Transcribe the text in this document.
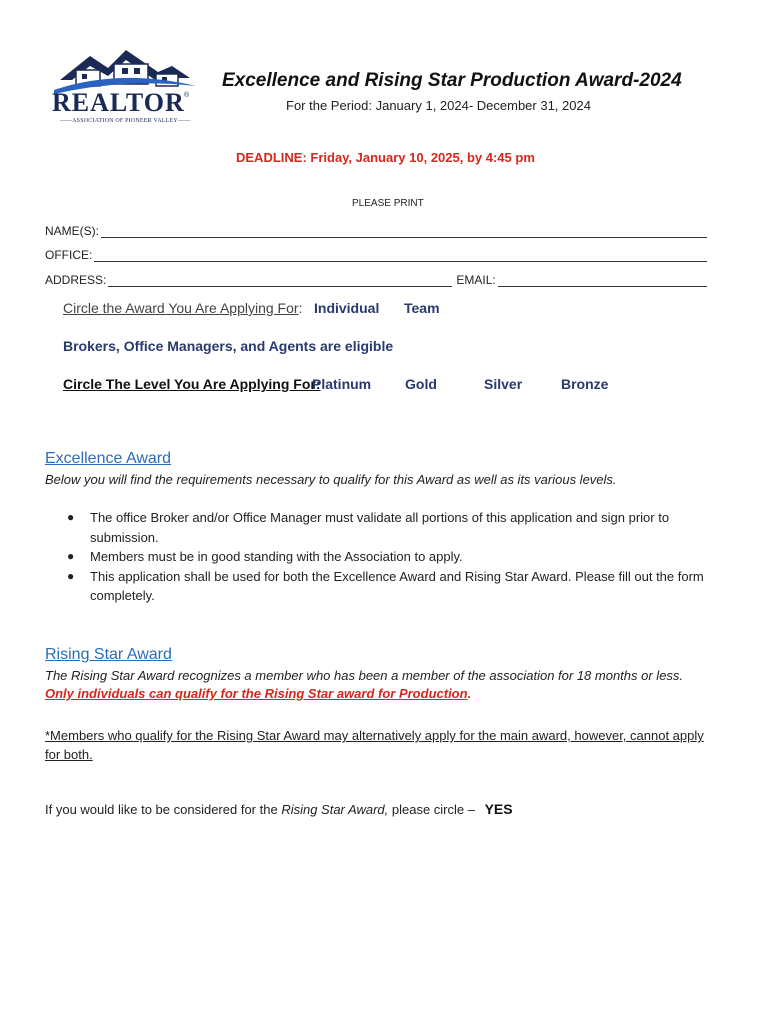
REALTOR ®
——ASSOCIATION OF PIONEER VALLEY——
Excellence and Rising Star Production Award-2024
For the Period: January 1, 2024- December 31, 2024
DEADLINE: Friday, January 10, 2025, by 4:45 pm
PLEASE PRINT
NAME(S):
OFFICE:
ADDRESS:	EMAIL:
Circle the Award You Are Applying For: Individual Team
Brokers, Office Managers, and Agents are eligible
Circle The Level You Are Applying For:
Platinum Gold	Silver	Bronze
Excellence Award
Below you will find the requirements necessary to qualify for this Award as well as its various levels.
● The office Broker and/or Office Manager must validate all portions of this application and sign prior to submission.
● Members must be in good standing with the Association to apply.
● This application shall be used for both the Excellence Award and Rising Star Award. Please fill out the form completely.
Rising Star Award
The Rising Star Award recognizes a member who has been a member of the association for 18 months or less.
Only individuals can qualify for the Rising Star award for Production.
*Members who qualify for the Rising Star Award may alternatively apply for the main award, however, cannot apply for both.
If you would like to be considered for the Rising Star Award, please circle – YES
